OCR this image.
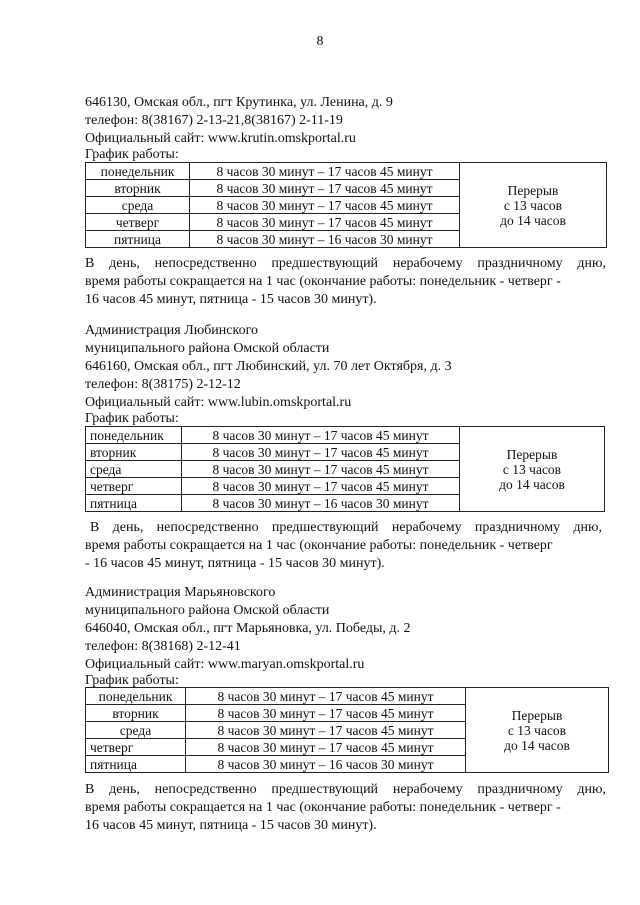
8
646130, Омская обл., пгт Крутинка, ул. Ленина, д. 9
телефон: 8(38167) 2-13-21,8(38167) 2-11-19
Официальный сайт: www.krutin.omskportal.ru
График работы:
понедельник	8 часов 30 минут – 17 часов 45 минут	Перерыв
с 13 часов
до 14 часов

вторник	8 часов 30 минут – 17 часов 45 минут	
среда	8 часов 30 минут – 17 часов 45 минут	
четверг	8 часов 30 минут – 17 часов 45 минут	
пятница	8 часов 30 минут – 16 часов 30 минут	
В день, непосредственно предшествующий нерабочему праздничному дню,
время работы сокращается на 1 час (окончание работы: понедельник - четверг -
16 часов 45 минут, пятница - 15 часов 30 минут).
Администрация Любинского
муниципального района Омской области
646160, Омская обл., пгт Любинский, ул. 70 лет Октября, д. 3
телефон: 8(38175) 2-12-12
Официальный сайт: www.lubin.omskportal.ru
График работы:
понедельник	8 часов 30 минут – 17 часов 45 минут	Перерыв
с 13 часов
до 14 часов

вторник	8 часов 30 минут – 17 часов 45 минут	
среда	8 часов 30 минут – 17 часов 45 минут	
четверг	8 часов 30 минут – 17 часов 45 минут	
пятница	8 часов 30 минут – 16 часов 30 минут	
В день, непосредственно предшествующий нерабочему праздничному дню,
время работы сокращается на 1 час (окончание работы: понедельник - четверг
- 16 часов 45 минут, пятница - 15 часов 30 минут).
Администрация Марьяновского
муниципального района Омской области
646040, Омская обл., пгт Марьяновка, ул. Победы, д. 2
телефон: 8(38168) 2-12-41
Официальный сайт: www.maryan.omskportal.ru
График работы:
понедельник	8 часов 30 минут – 17 часов 45 минут	Перерыв
с 13 часов
до 14 часов

вторник	8 часов 30 минут – 17 часов 45 минут	
среда	8 часов 30 минут – 17 часов 45 минут	
четверг	8 часов 30 минут – 17 часов 45 минут	
пятница	8 часов 30 минут – 16 часов 30 минут	
В день, непосредственно предшествующий нерабочему праздничному дню,
время работы сокращается на 1 час (окончание работы: понедельник - четверг -
16 часов 45 минут, пятница - 15 часов 30 минут).
